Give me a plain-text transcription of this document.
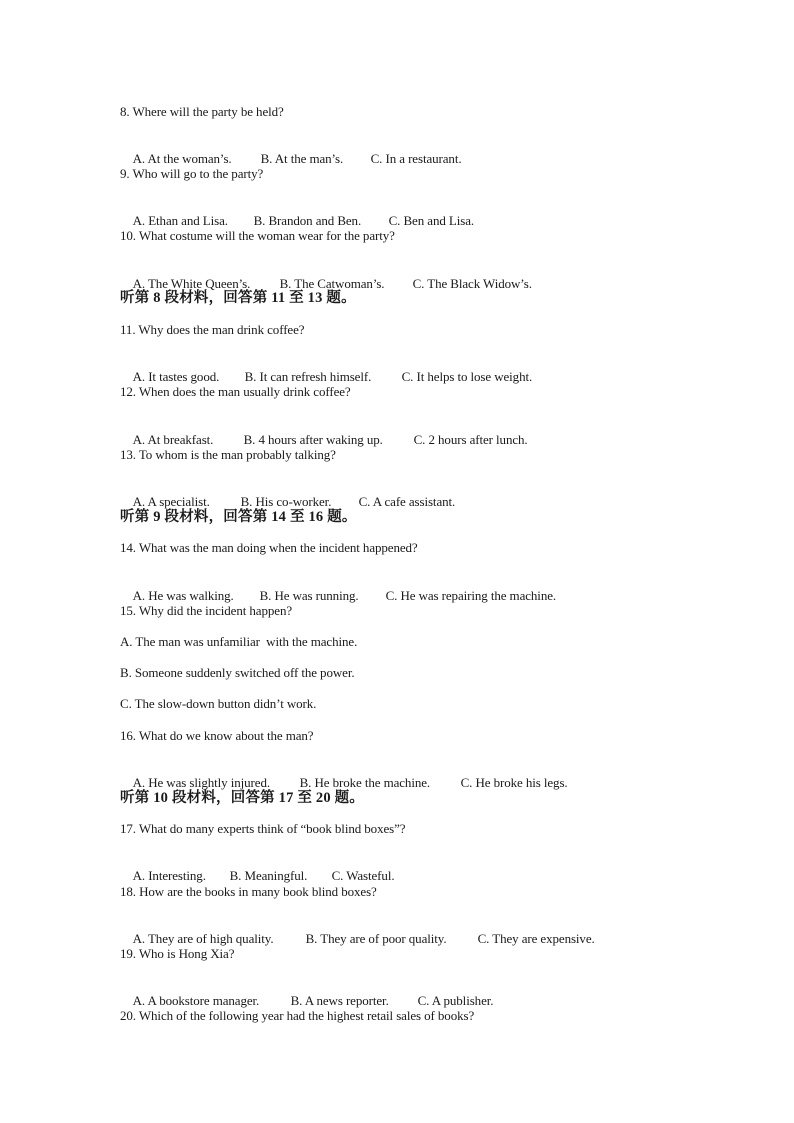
8. Where will the party be held?

A. At the woman’s. B. At the man’s. C. In a restaurant.

9. Who will go to the party?

A. Ethan and Lisa. B. Brandon and Ben. C. Ben and Lisa.

10. What costume will the woman wear for the party?

A. The White Queen’s. B. The Catwoman’s. C. The Black Widow’s.

听第 8 段材料，回答第 11 至 13 题。
11. Why does the man drink coffee?

A. It tastes good. B. It can refresh himself. C. It helps to lose weight.

12. When does the man usually drink coffee?

A. At breakfast. B. 4 hours after waking up. C. 2 hours after lunch.

13. To whom is the man probably talking?

A. A specialist. B. His co-worker. C. A cafe assistant.

听第 9 段材料，回答第 14 至 16 题。
14. What was the man doing when the incident happened?

A. He was walking. B. He was running. C. He was repairing the machine.

15. Why did the incident happen?
A. The man was unfamiliar  with the machine.
B. Someone suddenly switched off the power.
C. The slow-down button didn’t work.
16. What do we know about the man?

A. He was slightly injured. B. He broke the machine. C. He broke his legs.

听第 10 段材料，回答第 17 至 20 题。
17. What do many experts think of “book blind boxes”?

A. Interesting. B. Meaningful. C. Wasteful.

18. How are the books in many book blind boxes?

A. They are of high quality. B. They are of poor quality. C. They are expensive.

19. Who is Hong Xia?

A. A bookstore manager. B. A news reporter. C. A publisher.

20. Which of the following year had the highest retail sales of books?
